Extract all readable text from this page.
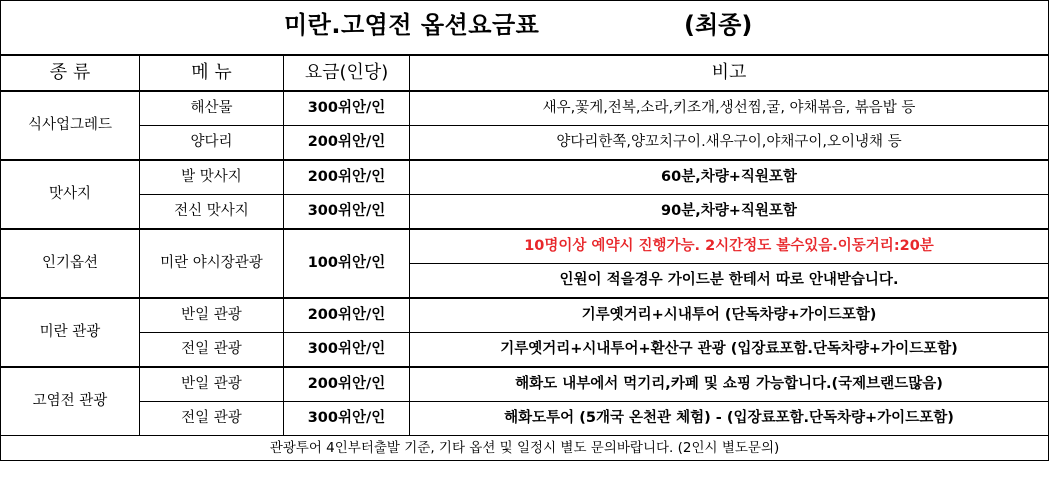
미란.고염전 옵션요금표 (최종)			

종 류	메 뉴	요금(인당)	비고
식사업그레드	해산물	300위안/인	새우,꽃게,전복,소라,키조개,생선찜,굴, 야채볶음, 볶음밥 등
	양다리	200위안/인	양다리한쪽,양꼬치구이.새우구이,야채구이,오이냉채 등
맛사지	발 맛사지	200위안/인	60분,차량+직원포함
	전신 맛사지	300위안/인	90분,차량+직원포함
인기옵션	미란 야시장관광	100위안/인	10명이상 예약시 진행가능. 2시간정도 볼수있음.이동거리:20분
			인원이 적을경우 가이드분 한테서 따로 안내받습니다.
미란 관광	반일 관광	200위안/인	기루옛거리+시내투어 (단독차량+가이드포함)
	전일 관광	300위안/인	기루옛거리+시내투어+환산구 관광 (입장료포함.단독차량+가이드포함)
고염전 관광	반일 관광	200위안/인	해화도 내부에서 먹기리,카페 및 쇼핑 가능합니다.(국제브랜드많음)
	전일 관광	300위안/인	해화도투어 (5개국 온천관 체험) - (입장료포함.단독차량+가이드포함)
관광투어 4인부터출발 기준, 기타 옵션 및 일정시 별도 문의바랍니다. (2인시 별도문의)			
